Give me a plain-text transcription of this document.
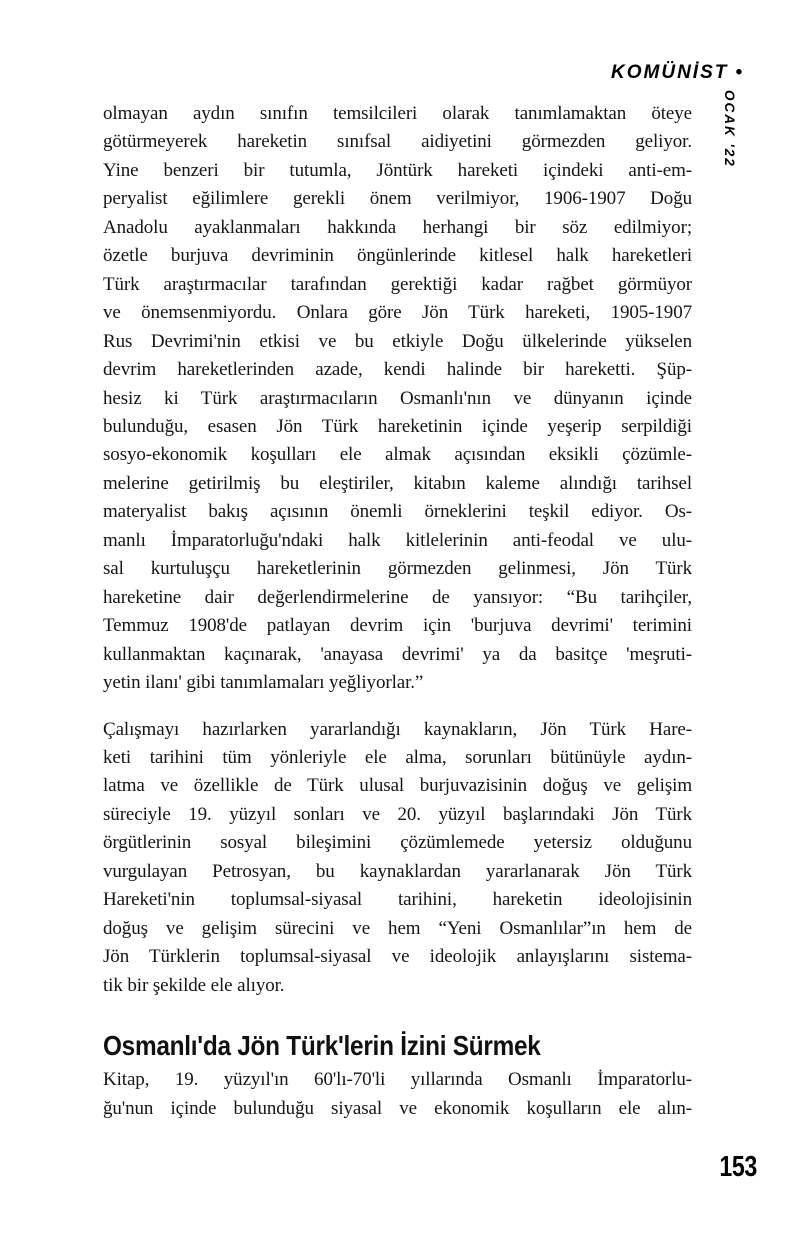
KOMÜNİST •
OCAK '22
olmayan aydın sınıfın temsilcileri olarak tanımlamaktan öteye
götürmeyerek hareketin sınıfsal aidiyetini görmezden geliyor.
Yine benzeri bir tutumla, Jöntürk hareketi içindeki anti-em-
peryalist eğilimlere gerekli önem verilmiyor, 1906-1907 Doğu
Anadolu ayaklanmaları hakkında herhangi bir söz edilmiyor;
özetle burjuva devriminin öngünlerinde kitlesel halk hareketleri
Türk araştırmacılar tarafından gerektiği kadar rağbet görmüyor
ve önemsenmiyordu. Onlara göre Jön Türk hareketi, 1905-1907
Rus Devrimi'nin etkisi ve bu etkiyle Doğu ülkelerinde yükselen
devrim hareketlerinden azade, kendi halinde bir hareketti. Şüp-
hesiz ki Türk araştırmacıların Osmanlı'nın ve dünyanın içinde
bulunduğu, esasen Jön Türk hareketinin içinde yeşerip serpildiği
sosyo-ekonomik koşulları ele almak açısından eksikli çözümle-
melerine getirilmiş bu eleştiriler, kitabın kaleme alındığı tarihsel
materyalist bakış açısının önemli örneklerini teşkil ediyor. Os-
manlı İmparatorluğu'ndaki halk kitlelerinin anti-feodal ve ulu-
sal kurtuluşçu hareketlerinin görmezden gelinmesi, Jön Türk
hareketine dair değerlendirmelerine de yansıyor: “Bu tarihçiler,
Temmuz 1908'de patlayan devrim için 'burjuva devrimi' terimini
kullanmaktan kaçınarak, 'anayasa devrimi' ya da basitçe 'meşruti-
yetin ilanı' gibi tanımlamaları yeğliyorlar.”
Çalışmayı hazırlarken yararlandığı kaynakların, Jön Türk Hare-
keti tarihini tüm yönleriyle ele alma, sorunları bütünüyle aydın-
latma ve özellikle de Türk ulusal burjuvazisinin doğuş ve gelişim
süreciyle 19. yüzyıl sonları ve 20. yüzyıl başlarındaki Jön Türk
örgütlerinin sosyal bileşimini çözümlemede yetersiz olduğunu
vurgulayan Petrosyan, bu kaynaklardan yararlanarak Jön Türk
Hareketi'nin toplumsal-siyasal tarihini, hareketin ideolojisinin
doğuş ve gelişim sürecini ve hem “Yeni Osmanlılar”ın hem de
Jön Türklerin toplumsal-siyasal ve ideolojik anlayışlarını sistema-
tik bir şekilde ele alıyor.
Osmanlı'da Jön Türk'lerin İzini Sürmek
Kitap, 19. yüzyıl'ın 60'lı-70'li yıllarında Osmanlı İmparatorlu-
ğu'nun içinde bulunduğu siyasal ve ekonomik koşulların ele alın-
153
